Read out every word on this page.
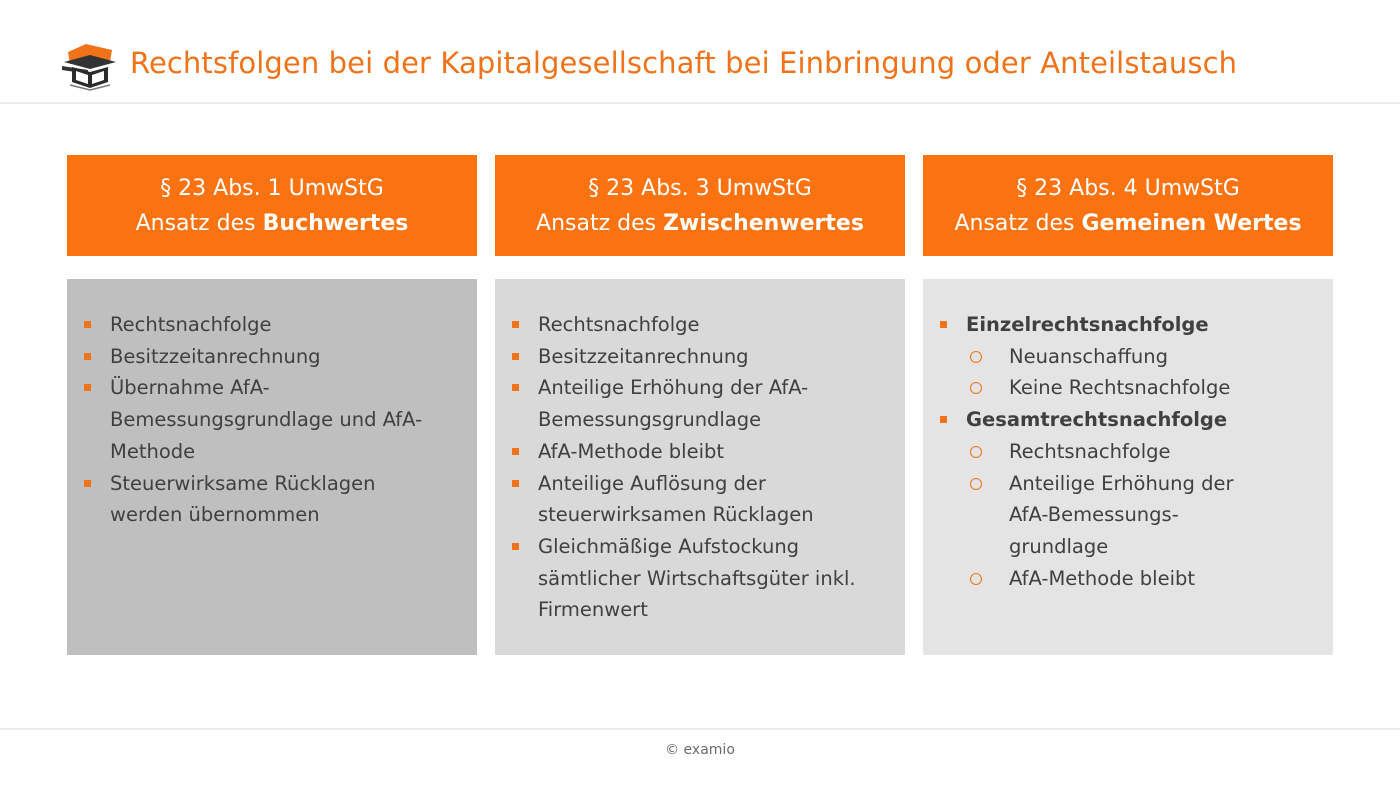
Rechtsfolgen bei der Kapitalgesellschaft bei Einbringung oder Anteilstausch
§ 23 Abs. 1 UmwStG
Ansatz des Buchwertes
Rechtsnachfolge
Besitzzeitanrechnung
Übernahme AfA-Bemessungsgrundlage und AfA-Methode
Steuerwirksame Rücklagen werden übernommen
§ 23 Abs. 3 UmwStG
Ansatz des Zwischenwertes
Rechtsnachfolge
Besitzzeitanrechnung
Anteilige Erhöhung der AfA-Bemessungsgrundlage
AfA-Methode bleibt
Anteilige Auflösung der steuerwirksamen Rücklagen
Gleichmäßige Aufstockung sämtlicher Wirtschaftsgüter inkl. Firmenwert
§ 23 Abs. 4 UmwStG
Ansatz des Gemeinen Wertes
Einzelrechtsnachfolge
Neuanschaffung
Keine Rechtsnachfolge
Gesamtrechtsnachfolge
Rechtsnachfolge
Anteilige Erhöhung der AfA-Bemessungs-grundlage
AfA-Methode bleibt
© examio
